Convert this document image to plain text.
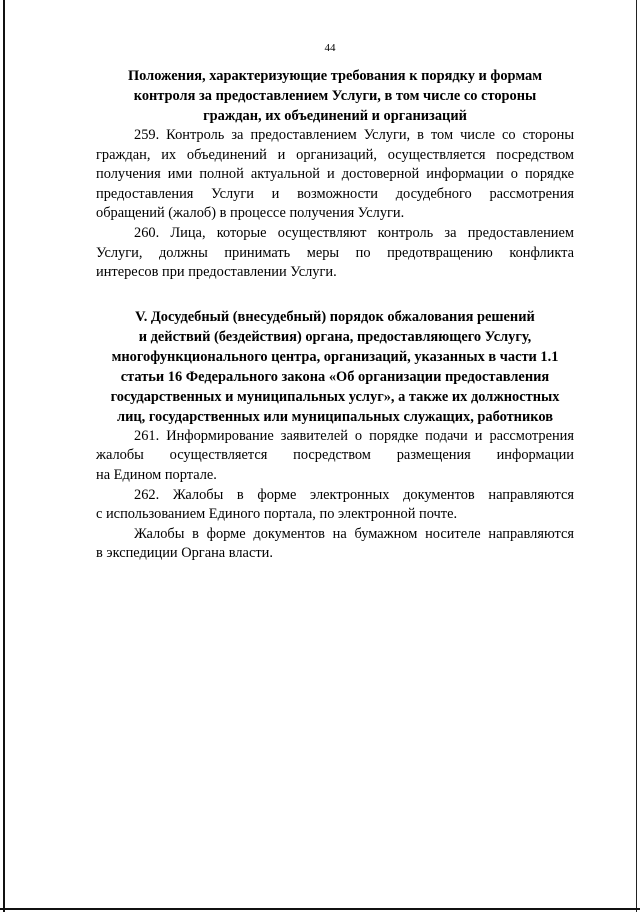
44
Положения, характеризующие требования к порядку и формам
контроля за предоставлением Услуги, в том числе со стороны
граждан, их объединений и организаций
259. Контроль за предоставлением Услуги, в том числе со стороны
граждан, их объединений и организаций, осуществляется посредством
получения ими полной актуальной и достоверной информации о порядке
предоставления Услуги и возможности досудебного рассмотрения
обращений (жалоб) в процессе получения Услуги.
260. Лица, которые осуществляют контроль за предоставлением
Услуги, должны принимать меры по предотвращению конфликта
интересов при предоставлении Услуги.
V. Досудебный (внесудебный) порядок обжалования решений
и действий (бездействия) органа, предоставляющего Услугу,
многофункционального центра, организаций, указанных в части 1.1
статьи 16 Федерального закона «Об организации предоставления
государственных и муниципальных услуг», а также их должностных
лиц, государственных или муниципальных служащих, работников
261. Информирование заявителей о порядке подачи и рассмотрения
жалобы осуществляется посредством размещения информации
на Едином портале.
262. Жалобы в форме электронных документов направляются
с использованием Единого портала, по электронной почте.
Жалобы в форме документов на бумажном носителе направляются
в экспедиции Органа власти.
